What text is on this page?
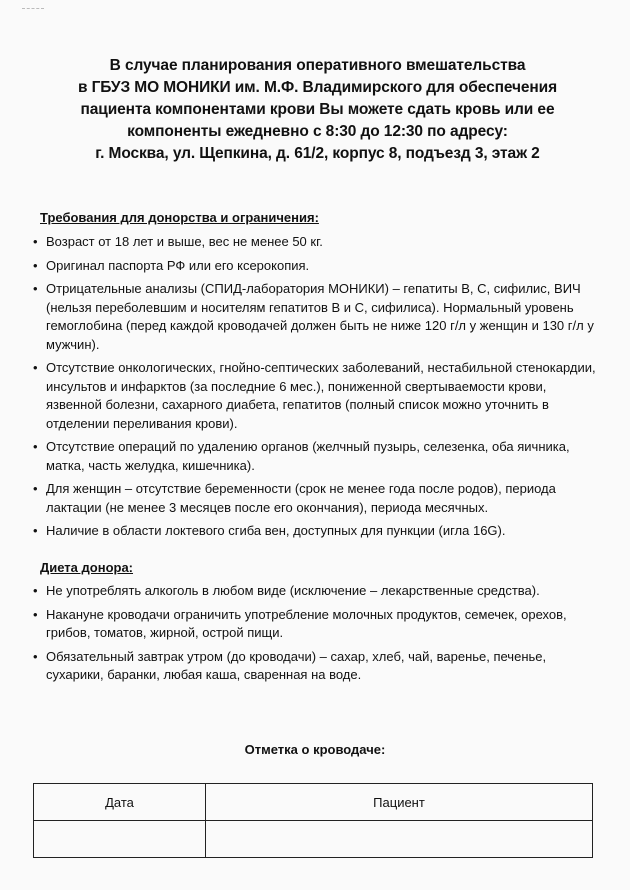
В случае планирования оперативного вмешательства
в ГБУЗ МО МОНИКИ им. М.Ф. Владимирского для обеспечения
пациента компонентами крови Вы можете сдать кровь или ее
компоненты ежедневно с 8:30 до 12:30 по адресу:
г. Москва, ул. Щепкина, д. 61/2, корпус 8, подъезд 3, этаж 2
Требования для донорства и ограничения:
• Возраст от 18 лет и выше, вес не менее 50 кг.
• Оригинал паспорта РФ или его ксерокопия.
• Отрицательные анализы (СПИД-лаборатория МОНИКИ) – гепатиты В, С, сифилис, ВИЧ (нельзя переболевшим и носителям гепатитов В и С, сифилиса). Нормальный уровень гемоглобина (перед каждой кроводачей должен быть не ниже 120 г/л у женщин и 130 г/л у мужчин).
• Отсутствие онкологических, гнойно-септических заболеваний, нестабильной стенокардии, инсультов и инфарктов (за последние 6 мес.), пониженной свертываемости крови, язвенной болезни, сахарного диабета, гепатитов (полный список можно уточнить в отделении переливания крови).
• Отсутствие операций по удалению органов (желчный пузырь, селезенка, оба яичника, матка, часть желудка, кишечника).
• Для женщин – отсутствие беременности (срок не менее года после родов), периода лактации (не менее 3 месяцев после его окончания), периода месячных.
• Наличие в области локтевого сгиба вен, доступных для пункции (игла 16G).
Диета донора:
• Не употреблять алкоголь в любом виде (исключение – лекарственные средства).
• Накануне кроводачи ограничить употребление молочных продуктов, семечек, орехов, грибов, томатов, жирной, острой пищи.
• Обязательный завтрак утром (до кроводачи) – сахар, хлеб, чай, варенье, печенье, сухарики, баранки, любая каша, сваренная на воде.
Отметка о кроводаче:
Дата	Пациент
